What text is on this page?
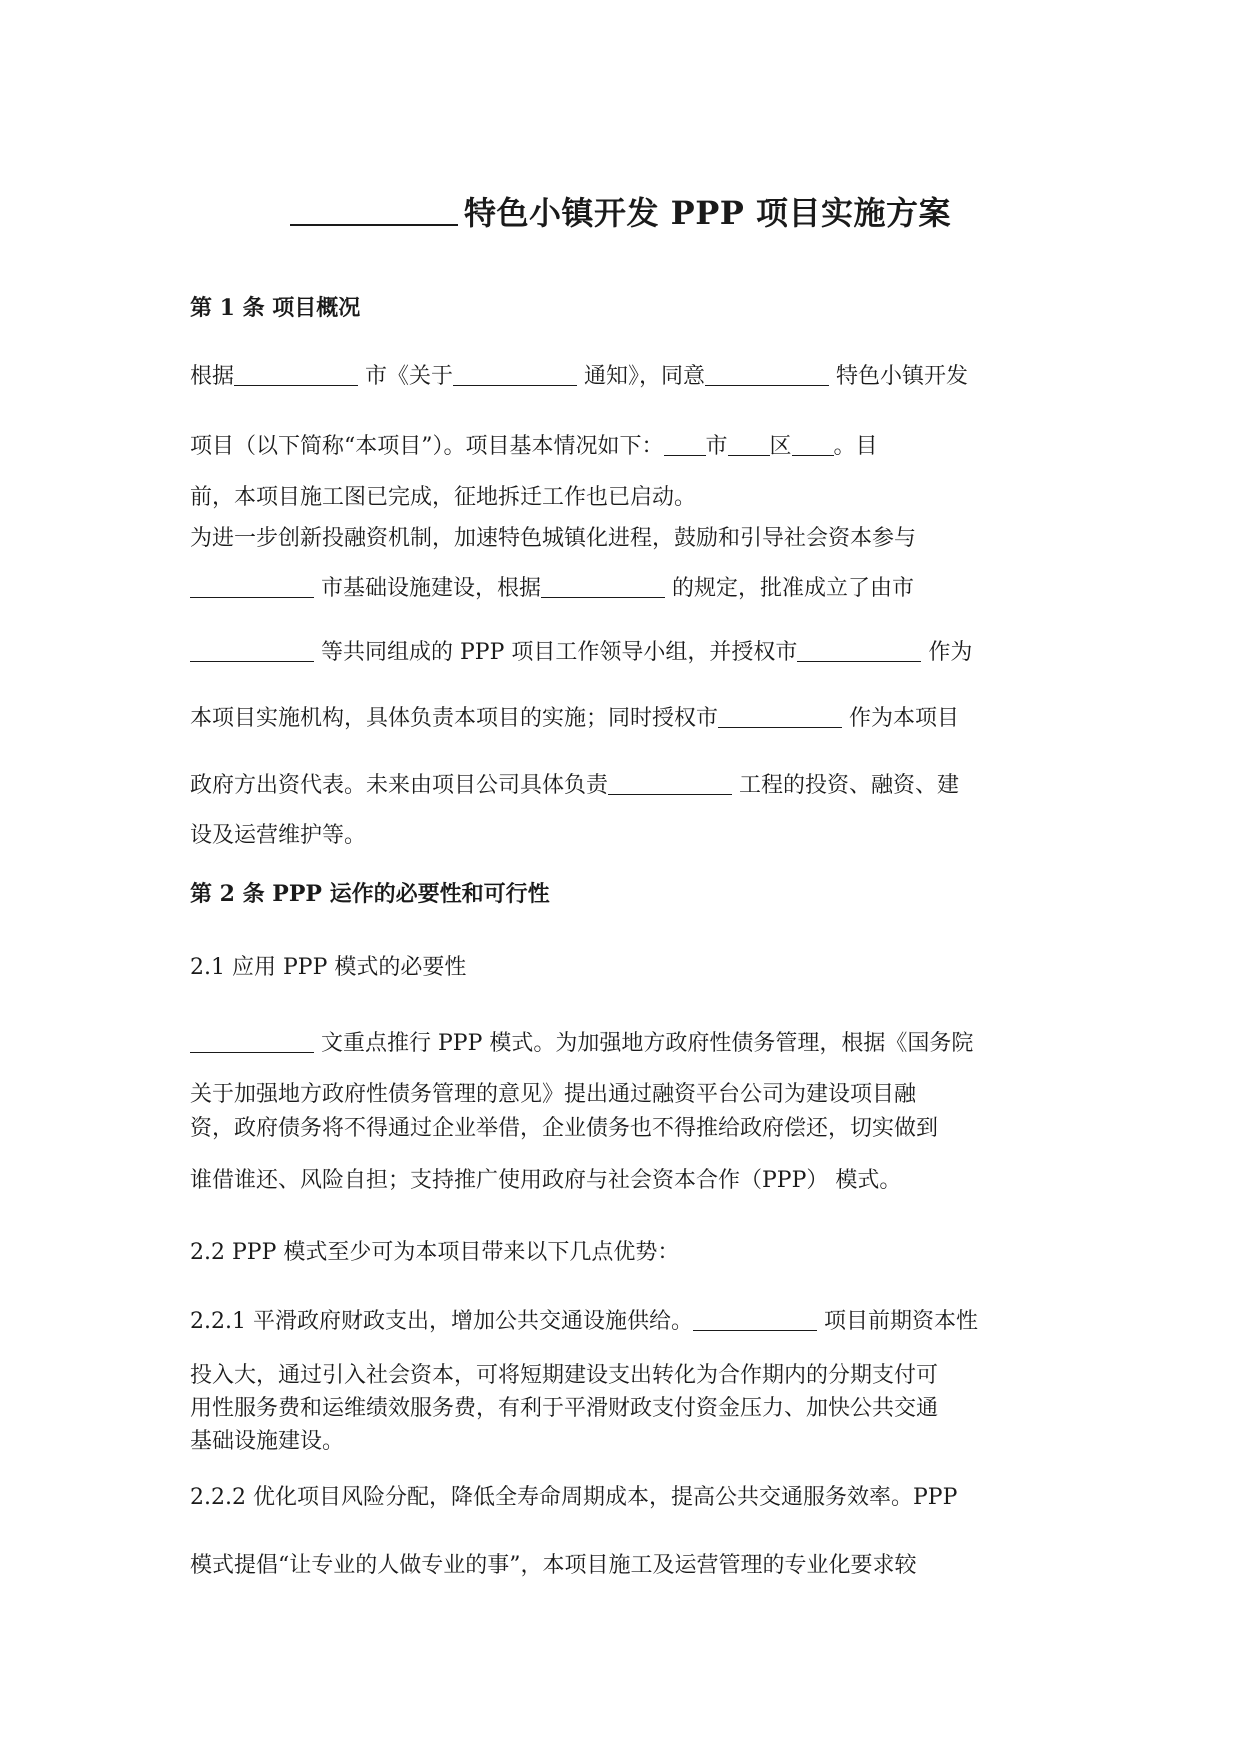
特色小镇开发 PPP 项目实施方案
第 1 条 项目概况
根据	市《关于	通知》，同意	特色小镇开发
项目（以下简称“本项目”）。项目基本情况如下： 市 区 。目
前，本项目施工图已完成，征地拆迁工作也已启动。
为进一步创新投融资机制，加速特色城镇化进程，鼓励和引导社会资本参与
市基础设施建设，根据	的规定，批准成立了由市
等共同组成的 PPP 项目工作领导小组，并授权市	作为
本项目实施机构，具体负责本项目的实施；同时授权市	作为本项目
政府方出资代表。未来由项目公司具体负责	工程的投资、融资、建
设及运营维护等。
第 2 条 PPP 运作的必要性和可行性
2.1 应用 PPP 模式的必要性
文重点推行 PPP 模式。为加强地方政府性债务管理，根据《国务院
关于加强地方政府性债务管理的意见》提出通过融资平台公司为建设项目融
资，政府债务将不得通过企业举借，企业债务也不得推给政府偿还，切实做到
谁借谁还、风险自担；支持推广使用政府与社会资本合作（PPP） 模式。
2.2 PPP 模式至少可为本项目带来以下几点优势：
2.2.1 平滑政府财政支出，增加公共交通设施供给。	项目前期资本性
投入大，通过引入社会资本，可将短期建设支出转化为合作期内的分期支付可
用性服务费和运维绩效服务费，有利于平滑财政支付资金压力、加快公共交通
基础设施建设。
2.2.2 优化项目风险分配，降低全寿命周期成本，提高公共交通服务效率。PPP
模式提倡“让专业的人做专业的事”，本项目施工及运营管理的专业化要求较
